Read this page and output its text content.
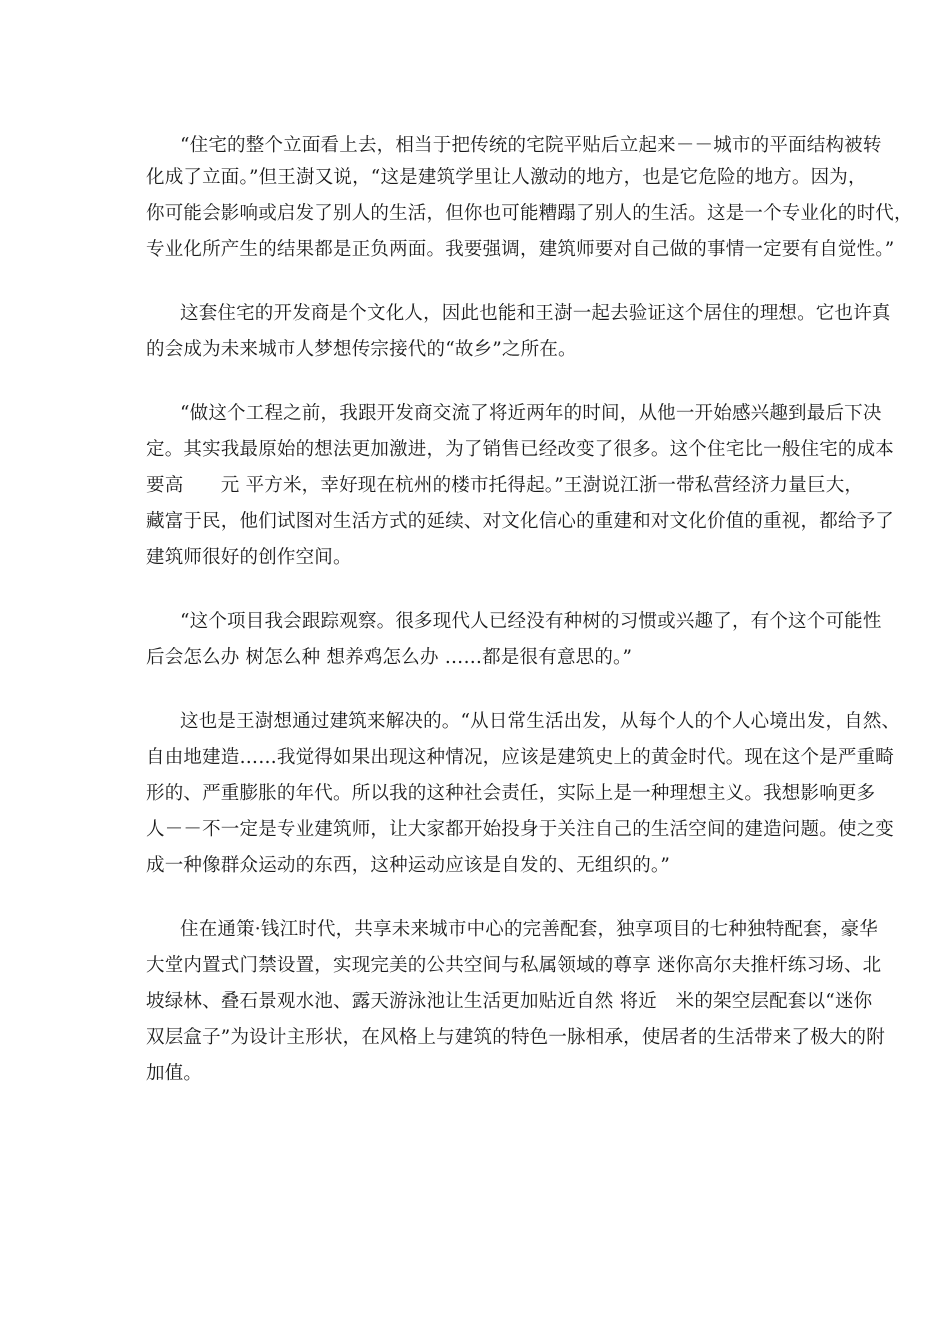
“住宅的整个立面看上去，相当于把传统的宅院平贴后立起来－－城市的平面结构被转
化成了立面。”但王澍又说，“这是建筑学里让人激动的地方，也是它危险的地方。因为，
你可能会影响或启发了别人的生活，但你也可能糟蹋了别人的生活。这是一个专业化的时代，
专业化所产生的结果都是正负两面。我要强调，建筑师要对自己做的事情一定要有自觉性。”
这套住宅的开发商是个文化人，因此也能和王澍一起去验证这个居住的理想。它也许真
的会成为未来城市人梦想传宗接代的“故乡”之所在。
“做这个工程之前，我跟开发商交流了将近两年的时间，从他一开始感兴趣到最后下决
定。其实我最原始的想法更加激进，为了销售已经改变了很多。这个住宅比一般住宅的成本
要高　　元 平方米，幸好现在杭州的楼市托得起。”王澍说江浙一带私营经济力量巨大，
藏富于民，他们试图对生活方式的延续、对文化信心的重建和对文化价值的重视，都给予了
建筑师很好的创作空间。
“这个项目我会跟踪观察。很多现代人已经没有种树的习惯或兴趣了，有个这个可能性
后会怎么办 树怎么种 想养鸡怎么办 ……都是很有意思的。”
这也是王澍想通过建筑来解决的。“从日常生活出发，从每个人的个人心境出发，自然、
自由地建造……我觉得如果出现这种情况，应该是建筑史上的黄金时代。现在这个是严重畸
形的、严重膨胀的年代。所以我的这种社会责任，实际上是一种理想主义。我想影响更多
人－－不一定是专业建筑师，让大家都开始投身于关注自己的生活空间的建造问题。使之变
成一种像群众运动的东西，这种运动应该是自发的、无组织的。”
住在通策·钱江时代，共享未来城市中心的完善配套，独享项目的七种独特配套，豪华
大堂内置式门禁设置，实现完美的公共空间与私属领域的尊享 迷你高尔夫推杆练习场、北
坡绿林、叠石景观水池、露天游泳池让生活更加贴近自然 将近　米的架空层配套以“迷你
双层盒子”为设计主形状，在风格上与建筑的特色一脉相承，使居者的生活带来了极大的附
加值。
